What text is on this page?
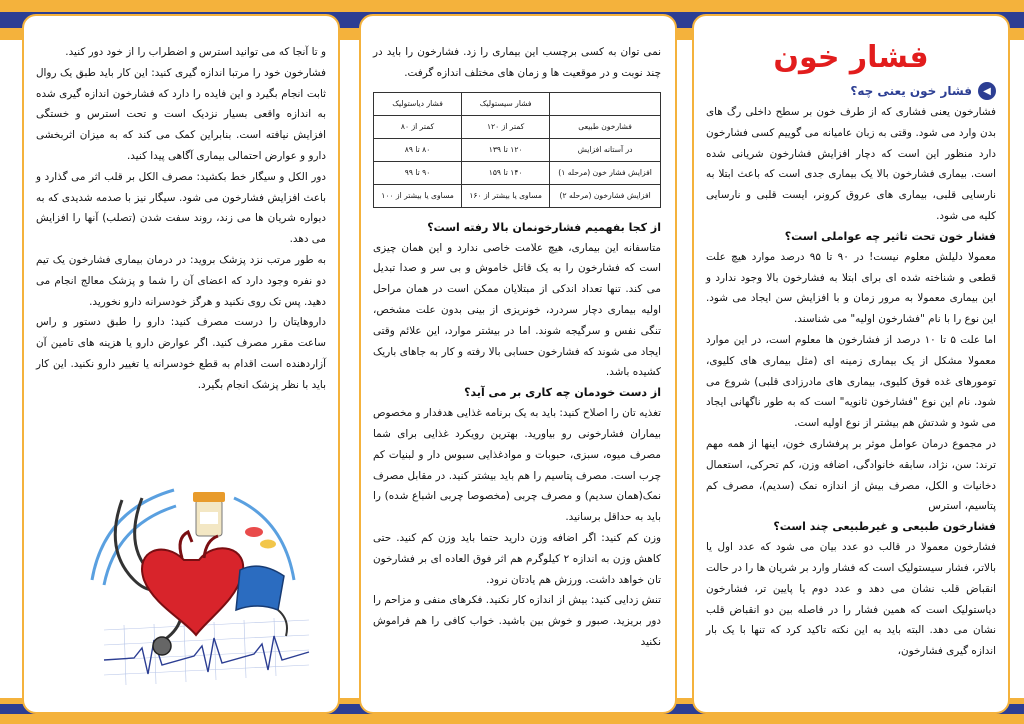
فشار خون
◀
فشار خون یعنی چه؟

فشارخون یعنی فشاری که از طرف خون بر سطح داخلی رگ های بدن وارد می شود. وقتی به زبان عامیانه می گوییم کسی فشارخون دارد منظور این است که دچار افزایش فشارخون شریانی شده است. بیماری فشارخون بالا یک بیماری جدی است که باعث ابتلا به نارسایی قلبی، بیماری های عروق کرونر، ایست قلبی و نارسایی کلیه می شود.

فشار خون تحت تاثیر چه عواملی است؟

معمولا دلیلش معلوم نیست! در ۹۰ تا ۹۵ درصد موارد هیچ علت قطعی و شناخته شده ای برای ابتلا به فشارخون بالا وجود ندارد و این بیماری معمولا به مرور زمان و با افزایش سن ایجاد می شود. این نوع را با نام "فشارخون اولیه" می شناسند.

اما علت ۵ تا ۱۰ درصد از فشارخون ها معلوم است، در این موارد معمولا مشکل از یک بیماری زمینه ای (مثل بیماری های کلیوی، تومورهای غده فوق کلیوی، بیماری های مادرزادی قلبی) شروع می شود. نام این نوع "فشارخون ثانویه" است که به طور ناگهانی ایجاد می شود و شدتش هم بیشتر از نوع اولیه است.

در مجموع درمان عوامل موثر بر پرفشاری خون، اینها از همه مهم ترند: سن، نژاد، سابقه خانوادگی، اضافه وزن، کم تحرکی، استعمال دخانیات و الکل، مصرف بیش از اندازه نمک (سدیم)، مصرف کم پتاسیم، استرس

فشارخون طبیعی و غیرطبیعی چند است؟

فشارخون معمولا در قالب دو عدد بیان می شود که عدد اول یا بالاتر، فشار سیستولیک است که فشار وارد بر شریان ها را در حالت انقباض قلب نشان می دهد و عدد دوم یا پایین تر، فشارخون دیاستولیک است که همین فشار را در فاصله بین دو انقباض قلب نشان می دهد. البته باید به این نکته تاکید کرد که تنها با یک بار اندازه گیری فشارخون،

نمی توان به کسی برچسب این بیماری را زد. فشارخون را باید در چند نوبت و در موقعیت ها و زمان های مختلف اندازه گرفت.

	فشار سیستولیک	فشار دیاستولیک
فشارخون طبیعی	کمتر از ۱۲۰	کمتر از ۸۰
در آستانه افزایش	۱۲۰ تا ۱۳۹	۸۰ تا ۸۹
افزایش فشار خون (مرحله ۱)	۱۴۰ تا ۱۵۹	۹۰ تا ۹۹
افزایش فشارخون (مرحله ۲)	مساوی یا بیشتر از ۱۶۰	مساوی یا بیشتر از ۱۰۰

از کجا بفهمیم فشارخونمان بالا رفته است؟

متاسفانه این بیماری، هیچ علامت خاصی ندارد و این همان چیزی است که فشارخون را به یک قاتل خاموش و بی سر و صدا تبدیل می کند. تنها تعداد اندکی از مبتلایان ممکن است در همان مراحل اولیه بیماری دچار سردرد، خونریزی از بینی بدون علت مشخص، تنگی نفس و سرگیجه شوند. اما در بیشتر موارد، این علائم وقتی ایجاد می شوند که فشارخون حسابی بالا رفته و کار به جاهای باریک کشیده باشد.

از دست خودمان چه کاری بر می آید؟

تغذیه تان را اصلاح کنید: باید به یک برنامه غذایی هدفدار و مخصوص بیماران فشارخونی رو بیاورید. بهترین رویکرد غذایی برای شما مصرف میوه، سبزی، حبوبات و موادغذایی سبوس دار و لبنیات کم چرب است. مصرف پتاسیم را هم باید بیشتر کنید. در مقابل مصرف نمک(همان سدیم) و مصرف چربی (مخصوصا چربی اشباع شده) را باید به حداقل برسانید.

وزن کم کنید: اگر اضافه وزن دارید حتما باید وزن کم کنید. حتی کاهش وزن به اندازه ۲ کیلوگرم هم اثر فوق العاده ای بر فشارخون تان خواهد داشت. ورزش هم یادتان نرود.

تنش زدایی کنید: بیش از اندازه کار نکنید. فکرهای منفی و مزاحم را دور بریزید. صبور و خوش بین باشید. خواب کافی را هم فراموش نکنید

و تا آنجا که می توانید استرس و اضطراب را از خود دور کنید.

فشارخون خود را مرتبا اندازه گیری کنید: این کار باید طبق یک روال ثابت انجام بگیرد و این فایده را دارد که فشارخون اندازه گیری شده به اندازه واقعی بسیار نزدیک است و تحت استرس و خستگی افزایش نیافته است. بنابراین کمک می کند که به میزان اثربخشی دارو و عوارض احتمالی بیماری آگاهی پیدا کنید.

دور الکل و سیگار خط بکشید: مصرف الکل بر قلب اثر می گذارد و باعث افزایش فشارخون می شود. سیگار نیز با صدمه شدیدی که به دیواره شریان ها می زند، روند سفت شدن (تصلب) آنها را افزایش می دهد.

به طور مرتب نزد پزشک بروید: در درمان بیماری فشارخون یک تیم دو نفره وجود دارد که اعضای آن را شما و پزشک معالج انجام می دهید. پس تک روی نکنید و هرگز خودسرانه دارو نخورید.

داروهایتان را درست مصرف کنید: دارو را طبق دستور و راس ساعت مقرر مصرف کنید. اگر عوارض دارو یا هزینه های تامین آن آزاردهنده است اقدام به قطع خودسرانه یا تغییر دارو نکنید. این کار باید با نظر پزشک انجام بگیرد.
